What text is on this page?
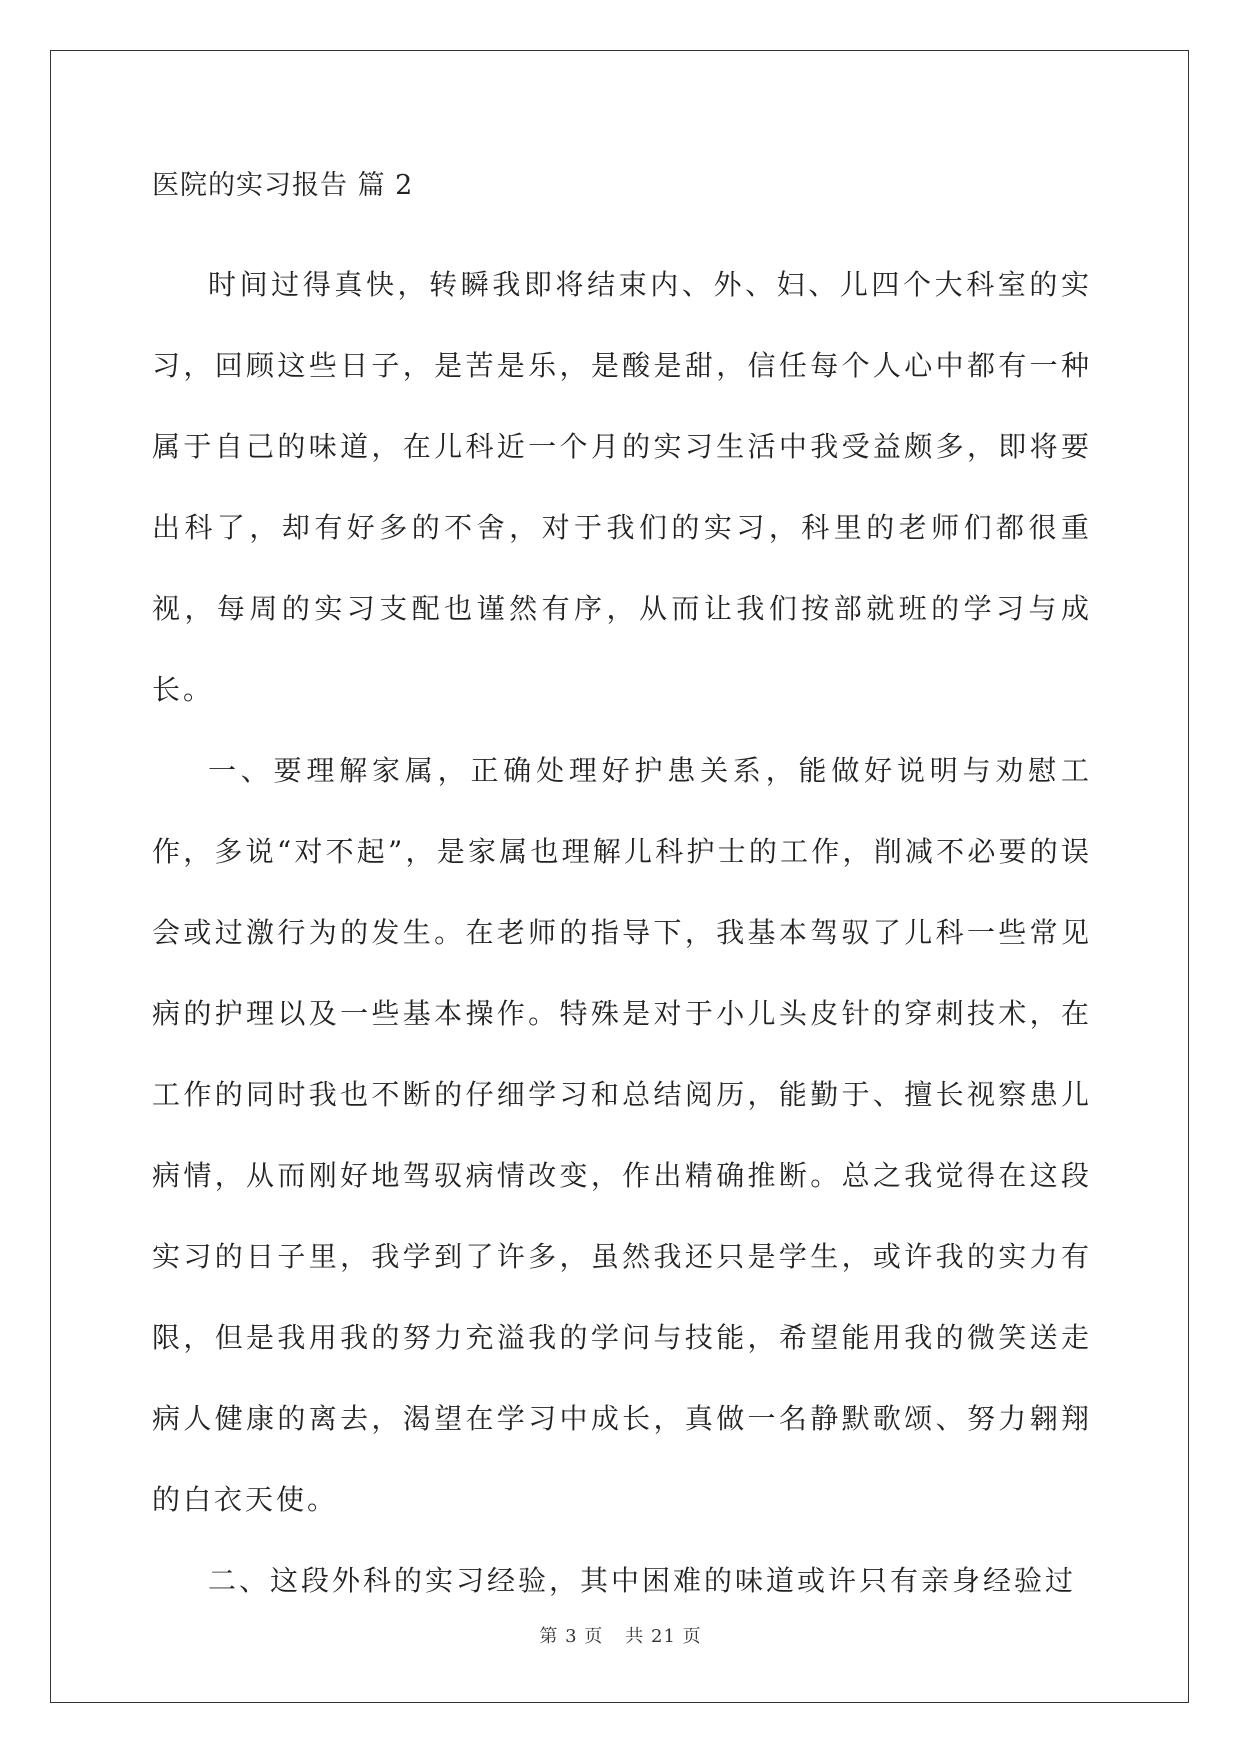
医院的实习报告 篇 2

时间过得真快，转瞬我即将结束内、外、妇、儿四个大科室的实习，回顾这些日子，是苦是乐，是酸是甜，信任每个人心中都有一种属于自己的味道，在儿科近一个月的实习生活中我受益颇多，即将要出科了，却有好多的不舍，对于我们的实习，科里的老师们都很重视，每周的实习支配也谨然有序，从而让我们按部就班的学习与成长。

一、要理解家属，正确处理好护患关系，能做好说明与劝慰工作，多说“对不起”，是家属也理解儿科护士的工作，削减不必要的误会或过激行为的发生。在老师的指导下，我基本驾驭了儿科一些常见病的护理以及一些基本操作。特殊是对于小儿头皮针的穿刺技术，在工作的同时我也不断的仔细学习和总结阅历，能勤于、擅长视察患儿病情，从而刚好地驾驭病情改变，作出精确推断。总之我觉得在这段实习的日子里，我学到了许多，虽然我还只是学生，或许我的实力有限，但是我用我的努力充溢我的学问与技能，希望能用我的微笑送走病人健康的离去，渴望在学习中成长，真做一名静默歌颂、努力翱翔的白衣天使。

二、这段外科的实习经验，其中困难的味道或许只有亲身经验过

第 3 页 共 21 页
